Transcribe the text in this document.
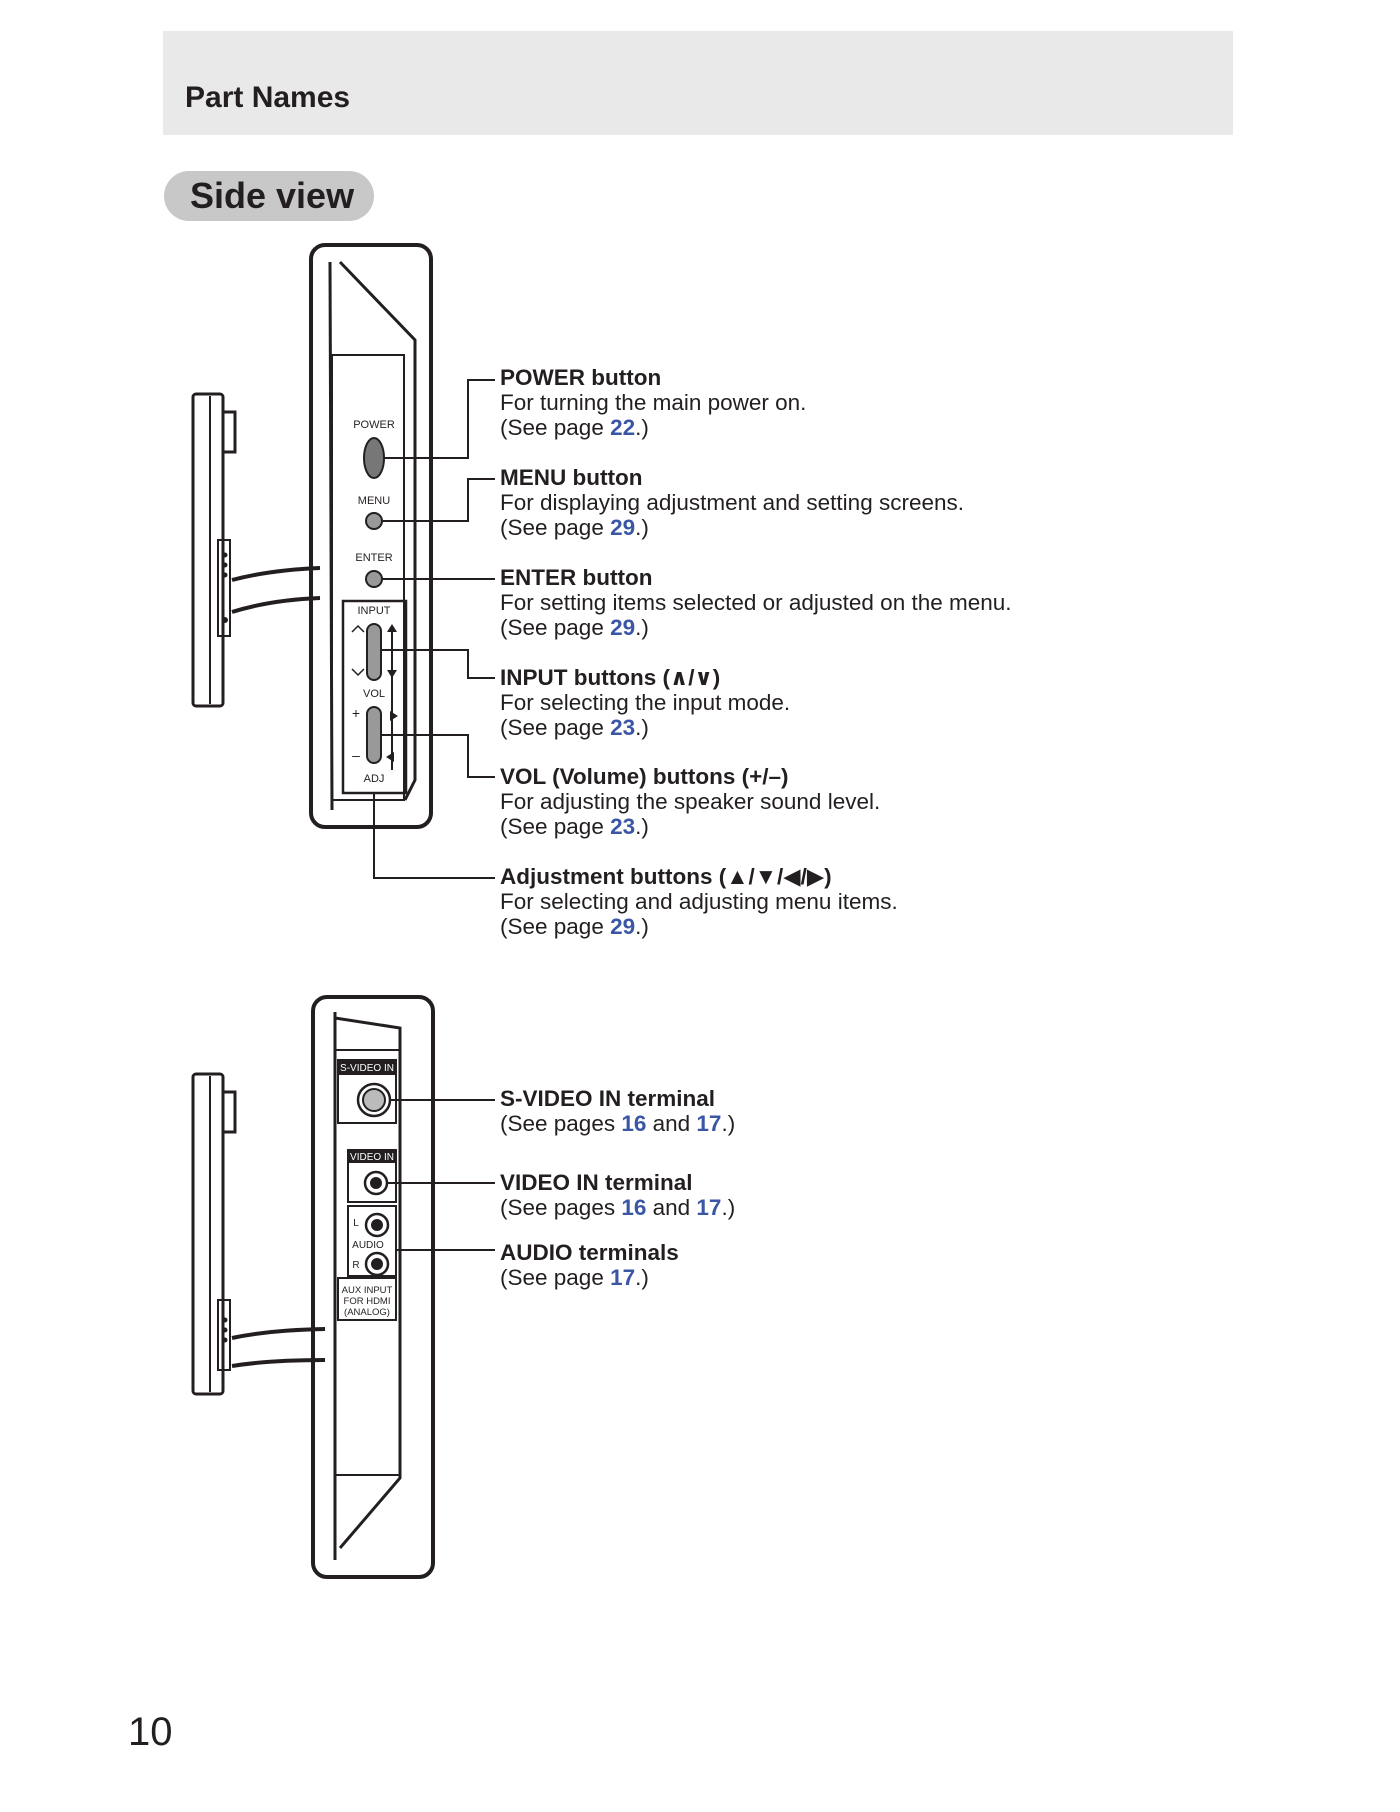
Part Names
Side view
POWER
MENU
ENTER
INPUT
VOL
+
–
ADJ
S-VIDEO IN
VIDEO IN
L
AUDIO
R
AUX INPUT
FOR HDMI
(ANALOG)
POWER button
For turning the main power on.
(See page 22.)
MENU button
For displaying adjustment and setting screens.
(See page 29.)
ENTER button
For setting items selected or adjusted on the menu.
(See page 29.)
INPUT buttons (∧/∨)
For selecting the input mode.
(See page 23.)
VOL (Volume) buttons (+/–)
For adjusting the speaker sound level.
(See page 23.)
Adjustment buttons (▲/▼/◀/▶)
For selecting and adjusting menu items.
(See page 29.)
S-VIDEO IN terminal
(See pages 16 and 17.)
VIDEO IN terminal
(See pages 16 and 17.)
AUDIO terminals
(See page 17.)
10
